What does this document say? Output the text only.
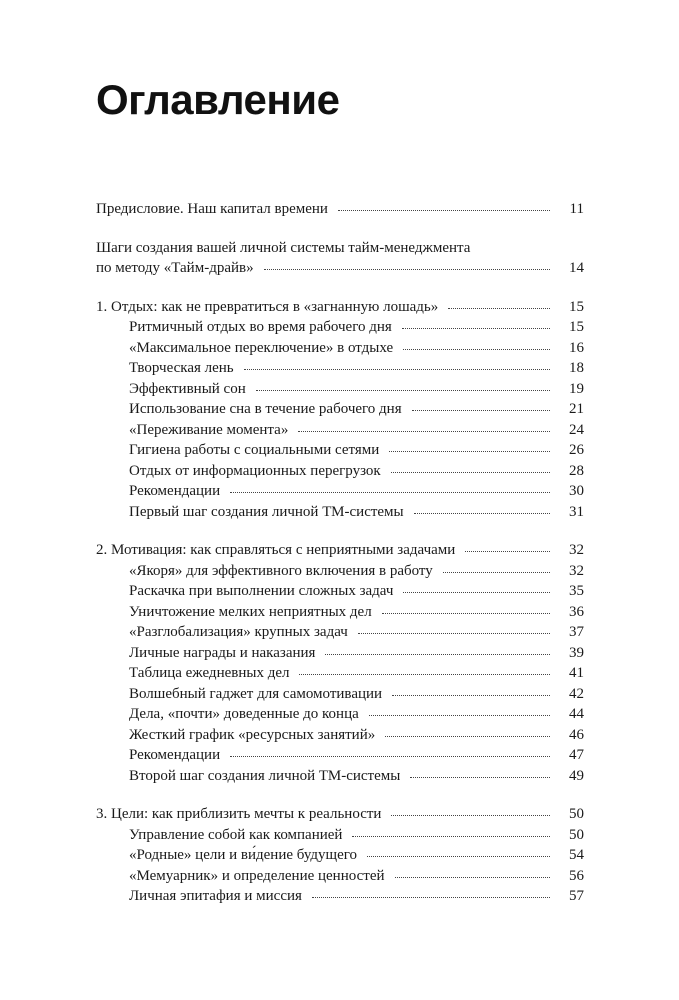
Оглавление
Предисловие. Наш капитал времени	11
Шаги создания вашей личной системы тайм-менеджмента
по методу «Тайм-драйв»	14
1. Отдых: как не превратиться в «загнанную лошадь»	15
Ритмичный отдых во время рабочего дня	15
«Максимальное переключение» в отдыхе	16
Творческая лень	18
Эффективный сон	19
Использование сна в течение рабочего дня	21
«Переживание момента»	24
Гигиена работы с социальными сетями	26
Отдых от информационных перегрузок	28
Рекомендации	30
Первый шаг создания личной ТМ-системы	31
2. Мотивация: как справляться с неприятными задачами	32
«Якоря» для эффективного включения в работу	32
Раскачка при выполнении сложных задач	35
Уничтожение мелких неприятных дел	36
«Разглобализация» крупных задач	37
Личные награды и наказания	39
Таблица ежедневных дел	41
Волшебный гаджет для самомотивации	42
Дела, «почти» доведенные до конца	44
Жесткий график «ресурсных занятий»	46
Рекомендации	47
Второй шаг создания личной ТМ-системы	49
3. Цели: как приблизить мечты к реальности	50
Управление собой как компанией	50
«Родные» цели и ви́дение будущего	54
«Мемуарник» и определение ценностей	56
Личная эпитафия и миссия	57
